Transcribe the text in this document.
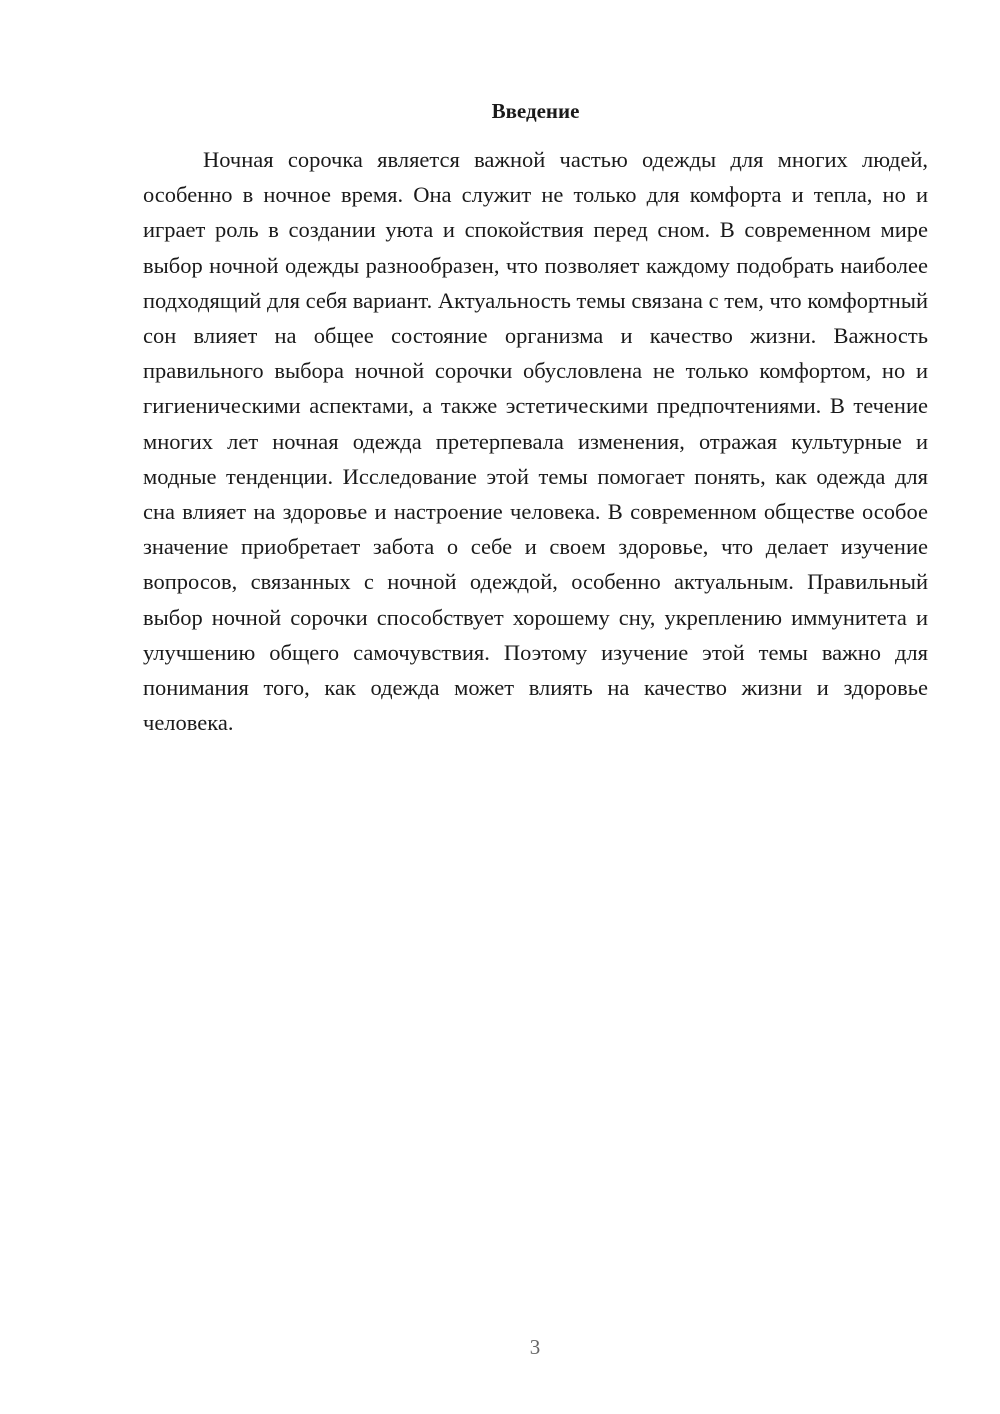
Введение

Ночная сорочка является важной частью одежды для многих людей, особенно в ночное время. Она служит не только для комфорта и тепла, но и играет роль в создании уюта и спокойствия перед сном. В современном мире выбор ночной одежды разнообразен, что позволяет каждому подобрать наиболее подходящий для себя вариант. Актуальность темы связана с тем, что комфортный сон влияет на общее состояние организма и качество жизни. Важность правильного выбора ночной сорочки обусловлена не только комфортом, но и гигиеническими аспектами, а также эстетическими предпочтениями. В течение многих лет ночная одежда претерпевала изменения, отражая культурные и модные тенденции. Исследование этой темы помогает понять, как одежда для сна влияет на здоровье и настроение человека. В современном обществе особое значение приобретает забота о себе и своем здоровье, что делает изучение вопросов, связанных с ночной одеждой, особенно актуальным. Правильный выбор ночной сорочки способствует хорошему сну, укреплению иммунитета и улучшению общего самочувствия. Поэтому изучение этой темы важно для понимания того, как одежда может влиять на качество жизни и здоровье человека.

3
